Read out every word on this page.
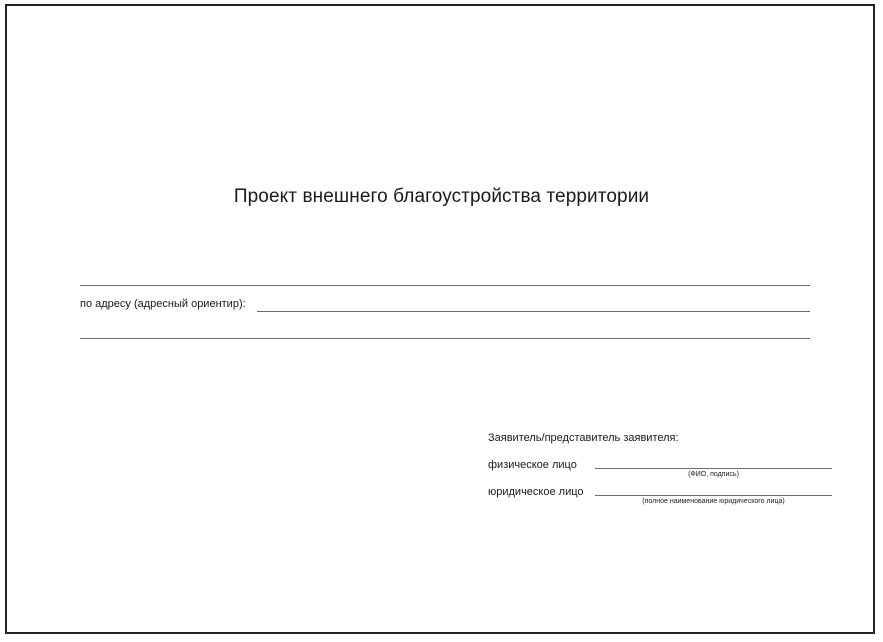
Проект внешнего благоустройства территории
по адресу (адресный ориентир):
Заявитель/представитель заявителя:
физическое лицо
(ФИО, подпись)
юридическое лицо
(полное наименование юридического лица)
